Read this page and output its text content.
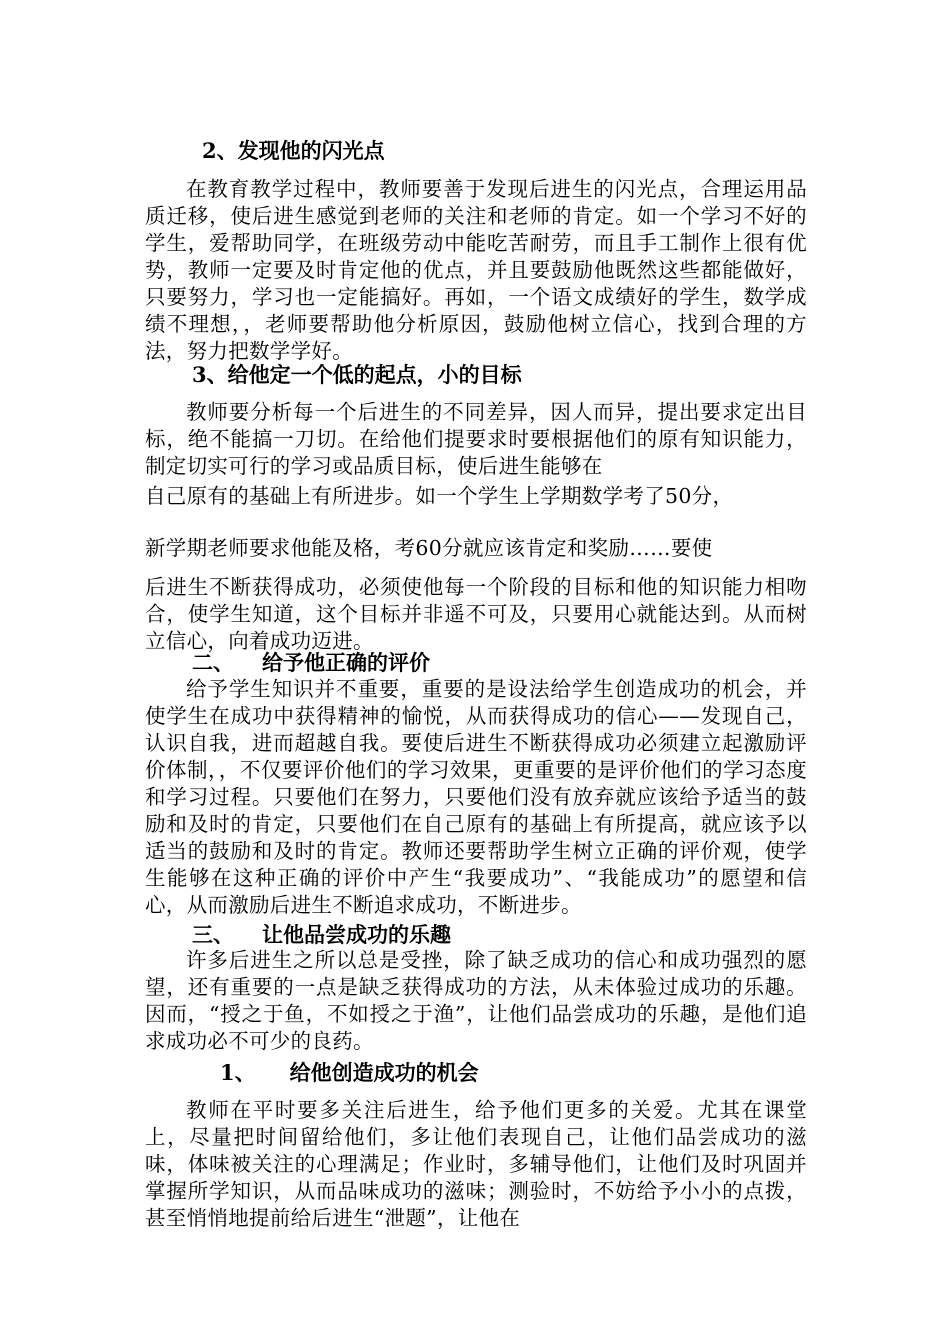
2、发现他的闪光点

在教育教学过程中，教师要善于发现后进生的闪光点，合理运用品质迁移，使后进生感觉到老师的关注和老师的肯定。如一个学习不好的学生，爱帮助同学，在班级劳动中能吃苦耐劳，而且手工制作上很有优势，教师一定要及时肯定他的优点，并且要鼓励他既然这些都能做好，只要努力，学习也一定能搞好。再如，一个语文成绩好的学生，数学成绩不理想，，老师要帮助他分析原因，鼓励他树立信心，找到合理的方法，努力把数学学好。

3、给他定一个低的起点，小的目标

教师要分析每一个后进生的不同差异，因人而异，提出要求定出目标，绝不能搞一刀切。在给他们提要求时要根据他们的原有知识能力，制定切实可行的学习或品质目标，使后进生能够在

自己原有的基础上有所进步。如一个学生上学期数学考了50分，

新学期老师要求他能及格，考60分就应该肯定和奖励……要使

后进生不断获得成功，必须使他每一个阶段的目标和他的知识能力相吻合，使学生知道，这个目标并非遥不可及，只要用心就能达到。从而树立信心，向着成功迈进。

二、 给予他正确的评价

给予学生知识并不重要，重要的是设法给学生创造成功的机会，并使学生在成功中获得精神的愉悦，从而获得成功的信心——发现自己，认识自我，进而超越自我。要使后进生不断获得成功必须建立起激励评价体制，，不仅要评价他们的学习效果，更重要的是评价他们的学习态度和学习过程。只要他们在努力，只要他们没有放弃就应该给予适当的鼓励和及时的肯定，只要他们在自己原有的基础上有所提高，就应该予以适当的鼓励和及时的肯定。教师还要帮助学生树立正确的评价观，使学生能够在这种正确的评价中产生“我要成功”、“我能成功”的愿望和信心，从而激励后进生不断追求成功，不断进步。

三、 让他品尝成功的乐趣

许多后进生之所以总是受挫，除了缺乏成功的信心和成功强烈的愿望，还有重要的一点是缺乏获得成功的方法，从未体验过成功的乐趣。因而，“授之于鱼，不如授之于渔”，让他们品尝成功的乐趣，是他们追求成功必不可少的良药。

1、 给他创造成功的机会

教师在平时要多关注后进生，给予他们更多的关爱。尤其在课堂上，尽量把时间留给他们，多让他们表现自己，让他们品尝成功的滋味，体味被关注的心理满足；作业时，多辅导他们，让他们及时巩固并掌握所学知识，从而品味成功的滋味；测验时，不妨给予小小的点拨，甚至悄悄地提前给后进生“泄题”，让他在
